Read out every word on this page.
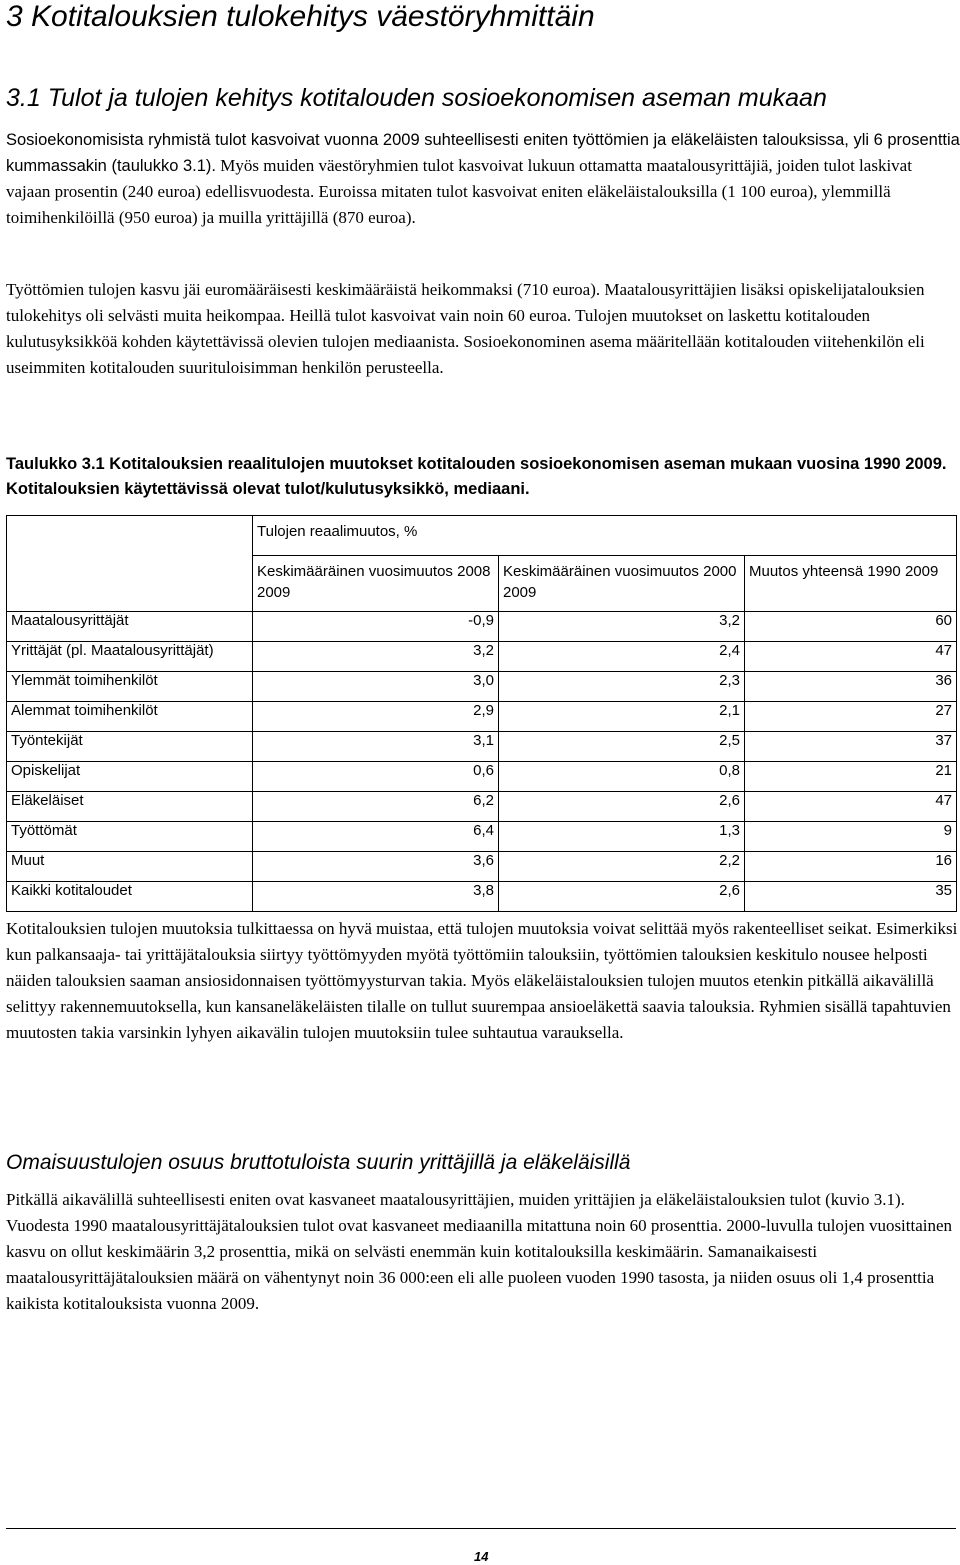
3 Kotitalouksien tulokehitys väestöryhmittäin
3.1 Tulot ja tulojen kehitys kotitalouden sosioekonomisen aseman mukaan

Sosioekonomisista ryhmistä tulot kasvoivat vuonna 2009 suhteellisesti eniten työttömien ja eläkeläisten talouksissa, yli 6 prosenttia kummassakin (taulukko 3.1). Myös muiden väestöryhmien tulot kasvoivat lukuun ottamatta maatalousyrittäjiä, joiden tulot laskivat vajaan prosentin (240 euroa) edellisvuodesta. Euroissa mitaten tulot kasvoivat eniten eläkeläistalouksilla (1 100 euroa), ylemmillä toimihenkilöillä (950 euroa) ja muilla yrittäjillä (870 euroa).

Työttömien tulojen kasvu jäi euromääräisesti keskimääräistä heikommaksi (710 euroa). Maatalousyrittäjien lisäksi opiskelijatalouksien tulokehitys oli selvästi muita heikompaa. Heillä tulot kasvoivat vain noin 60 euroa. Tulojen muutokset on laskettu kotitalouden kulutusyksikköä kohden käytettävissä olevien tulojen mediaanista. Sosioekonominen asema määritellään kotitalouden viitehenkilön eli useimmiten kotitalouden suurituloisimman henkilön perusteella.

Taulukko 3.1 Kotitalouksien reaalitulojen muutokset kotitalouden sosioekonomisen aseman mukaan vuosina 1990 2009. Kotitalouksien käytettävissä olevat tulot/kulutusyksikkö, mediaani.

	Tulojen reaalimuutos, %		
	Keskimääräinen vuosimuutos 2008 2009	Keskimääräinen vuosimuutos 2000 2009	Muutos yhteensä 1990 2009
Maatalousyrittäjät	-0,9	3,2	60
Yrittäjät (pl. Maatalousyrittäjät)	3,2	2,4	47
Ylemmät toimihenkilöt	3,0	2,3	36
Alemmat toimihenkilöt	2,9	2,1	27
Työntekijät	3,1	2,5	37
Opiskelijat	0,6	0,8	21
Eläkeläiset	6,2	2,6	47
Työttömät	6,4	1,3	9
Muut	3,6	2,2	16
Kaikki kotitaloudet	3,8	2,6	35

Kotitalouksien tulojen muutoksia tulkittaessa on hyvä muistaa, että tulojen muutoksia voivat selittää myös rakenteelliset seikat. Esimerkiksi kun palkansaaja- tai yrittäjätalouksia siirtyy työttömyyden myötä työttömiin talouksiin, työttömien talouksien keskitulo nousee helposti näiden talouksien saaman ansiosidonnaisen työttömyysturvan takia. Myös eläkeläistalouksien tulojen muutos etenkin pitkällä aikavälillä selittyy rakennemuutoksella, kun kansaneläkeläisten tilalle on tullut suurempaa ansioeläkettä saavia talouksia. Ryhmien sisällä tapahtuvien muutosten takia varsinkin lyhyen aikavälin tulojen muutoksiin tulee suhtautua varauksella.

Omaisuustulojen osuus bruttotuloista suurin yrittäjillä ja eläkeläisillä

Pitkällä aikavälillä suhteellisesti eniten ovat kasvaneet maatalousyrittäjien, muiden yrittäjien ja eläkeläistalouksien tulot (kuvio 3.1). Vuodesta 1990 maatalousyrittäjätalouksien tulot ovat kasvaneet mediaanilla mitattuna noin 60 prosenttia. 2000-luvulla tulojen vuosittainen kasvu on ollut keskimäärin 3,2 prosenttia, mikä on selvästi enemmän kuin kotitalouksilla keskimäärin. Samanaikaisesti maatalousyrittäjätalouksien määrä on vähentynyt noin 36 000:een eli alle puoleen vuoden 1990 tasosta, ja niiden osuus oli 1,4 prosenttia kaikista kotitalouksista vuonna 2009.

14
